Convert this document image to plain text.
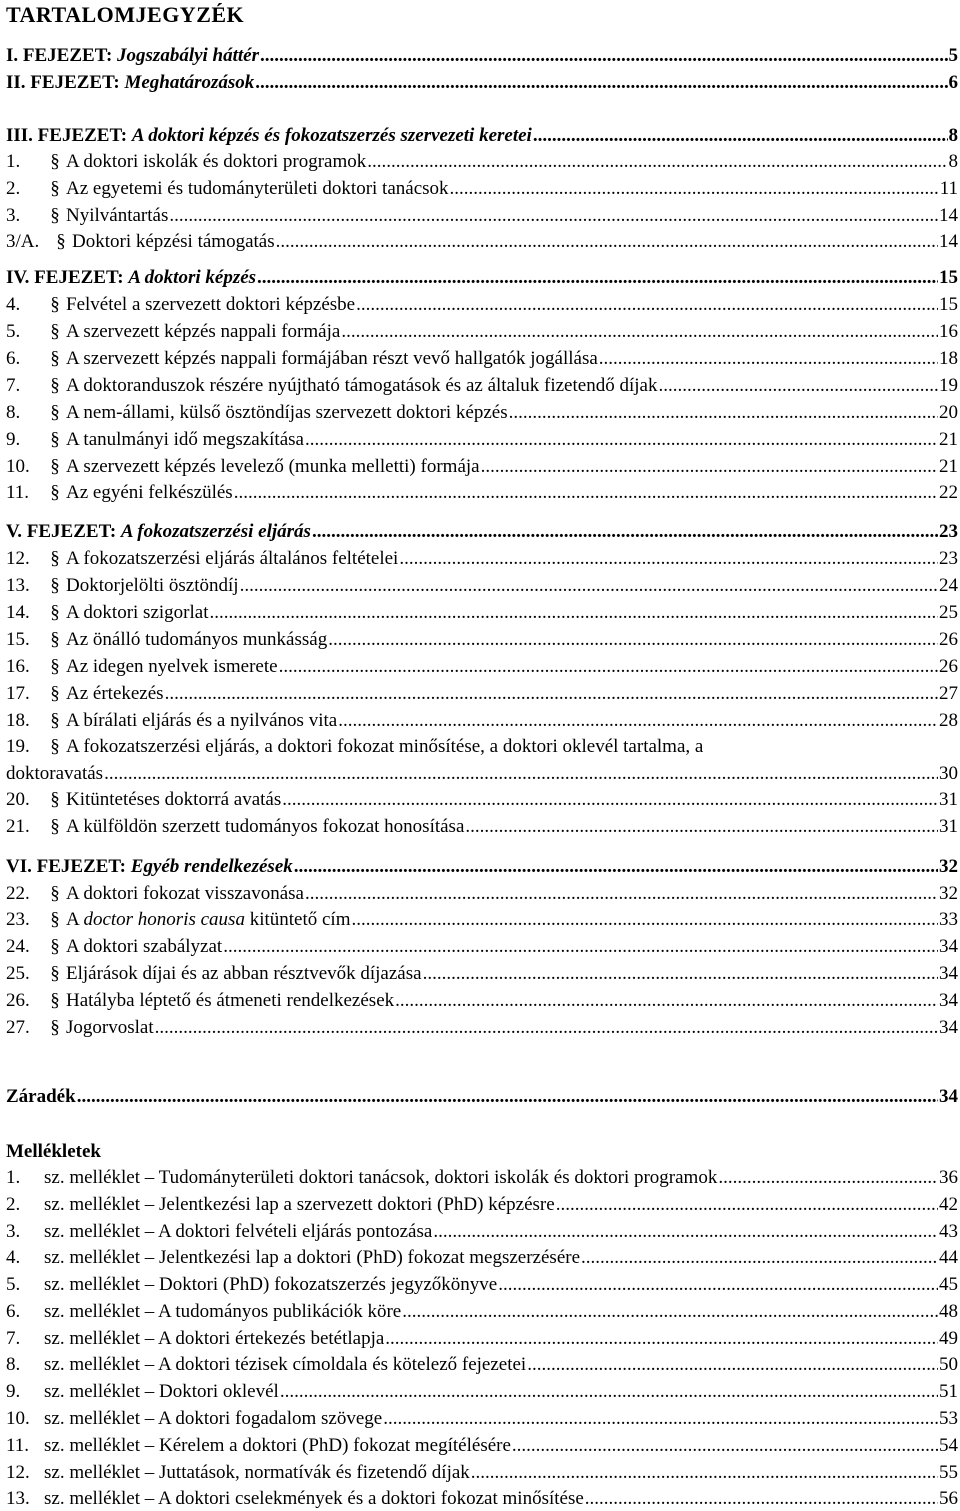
TARTALOMJEGYZÉK
I. FEJEZET: Jogszabályi háttér .....	5
II. FEJEZET: Meghatározások .....	6
III. FEJEZET: A doktori képzés és fokozatszerzés szervezeti keretei .....	8
1.	§ A doktori iskolák és doktori programok .....	8
2.	§ Az egyetemi és tudományterületi doktori tanácsok .....	11
3.	§ Nyilvántartás .....	14
3/A. § Doktori képzési támogatás .....	14
IV. FEJEZET: A doktori képzés .....	15
4.	§ Felvétel a szervezett doktori képzésbe .....	15
5.	§ A szervezett képzés nappali formája .....	16
6.	§ A szervezett képzés nappali formájában részt vevő hallgatók jogállása .....	18
7.	§ A doktoranduszok részére nyújtható támogatások és az általuk fizetendő díjak .....	19
8.	§ A nem-állami, külső ösztöndíjas szervezett doktori képzés .....	20
9.	§ A tanulmányi idő megszakítása .....	21
10.	§ A szervezett képzés levelező (munka melletti) formája .....	21
11.	§ Az egyéni felkészülés .....	22
V. FEJEZET: A fokozatszerzési eljárás .....	23
12.	§ A fokozatszerzési eljárás általános feltételei .....	23
13.	§ Doktorjelölti ösztöndíj .....	24
14.	§ A doktori szigorlat .....	25
15.	§ Az önálló tudományos munkásság .....	26
16.	§ Az idegen nyelvek ismerete .....	26
17.	§ Az értekezés .....	27
18.	§ A bírálati eljárás és a nyilvános vita .....	28
19.	§ A fokozatszerzési eljárás, a doktori fokozat minősítése, a doktori oklevél tartalma, a
doktoravatás .....	30
20.	§ Kitüntetéses doktorrá avatás .....	31
21.	§ A külföldön szerzett tudományos fokozat honosítása .....	31
VI. FEJEZET: Egyéb rendelkezések .....	32
22.	§ A doktori fokozat visszavonása .....	32
23.	§ A doctor honoris causa kitüntető cím .....	33
24.	§ A doktori szabályzat .....	34
25.	§ Eljárások díjai és az abban résztvevők díjazása .....	34
26.	§ Hatályba léptető és átmeneti rendelkezések .....	34
27.	§ Jogorvoslat .....	34
Záradék .....	34
Mellékletek
1.	sz. melléklet – Tudományterületi doktori tanácsok, doktori iskolák és doktori programok .....	36
2.	sz. melléklet – Jelentkezési lap a szervezett doktori (PhD) képzésre .....	42
3.	sz. melléklet – A doktori felvételi eljárás pontozása .....	43
4.	sz. melléklet – Jelentkezési lap a doktori (PhD) fokozat megszerzésére .....	44
5.	sz. melléklet – Doktori (PhD) fokozatszerzés jegyzőkönyve .....	45
6.	sz. melléklet – A tudományos publikációk köre .....	48
7.	sz. melléklet – A doktori értekezés betétlapja .....	49
8.	sz. melléklet – A doktori tézisek címoldala és kötelező fejezetei .....	50
9.	sz. melléklet – Doktori oklevél .....	51
10. sz. melléklet – A doktori fogadalom szövege .....	53
11. sz. melléklet – Kérelem a doktori (PhD) fokozat megítélésére .....	54
12. sz. melléklet – Juttatások, normatívák és fizetendő díjak .....	55
13. sz. melléklet – A doktori cselekmények és a doktori fokozat minősítése .....	56
